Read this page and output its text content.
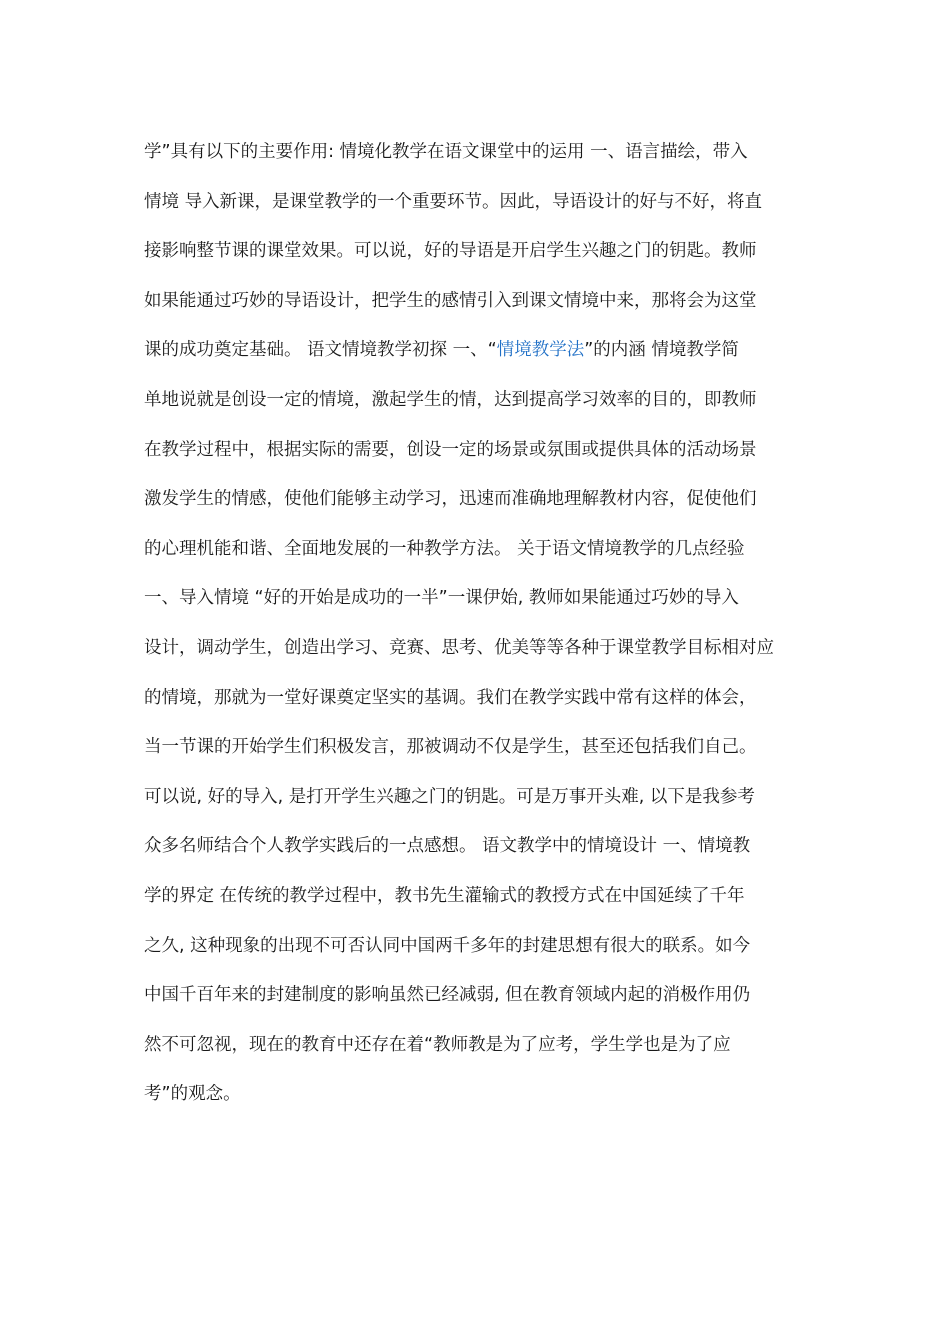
学”具有以下的主要作用: 情境化教学在语文课堂中的运用 一、语言描绘，带入
情境 导入新课，是课堂教学的一个重要环节。因此，导语设计的好与不好，将直
接影响整节课的课堂效果。可以说，好的导语是开启学生兴趣之门的钥匙。教师
如果能通过巧妙的导语设计，把学生的感情引入到课文情境中来，那将会为这堂
课的成功奠定基础。 语文情境教学初探 一、“情境教学法”的内涵 情境教学简
单地说就是创设一定的情境，激起学生的情，达到提高学习效率的目的，即教师
在教学过程中，根据实际的需要，创设一定的场景或氛围或提供具体的活动场景
激发学生的情感，使他们能够主动学习，迅速而准确地理解教材内容，促使他们
的心理机能和谐、全面地发展的一种教学方法。 关于语文情境教学的几点经验
一、导入情境 “好的开始是成功的一半”一课伊始, 教师如果能通过巧妙的导入
设计，调动学生，创造出学习、竞赛、思考、优美等等各种于课堂教学目标相对应
的情境，那就为一堂好课奠定坚实的基调。我们在教学实践中常有这样的体会，
当一节课的开始学生们积极发言，那被调动不仅是学生，甚至还包括我们自己。
可以说, 好的导入, 是打开学生兴趣之门的钥匙。可是万事开头难, 以下是我参考
众多名师结合个人教学实践后的一点感想。 语文教学中的情境设计 一、情境教
学的界定 在传统的教学过程中，教书先生灌输式的教授方式在中国延续了千年
之久, 这种现象的出现不可否认同中国两千多年的封建思想有很大的联系。如今
中国千百年来的封建制度的影响虽然已经减弱, 但在教育领域内起的消极作用仍
然不可忽视，现在的教育中还存在着“教师教是为了应考，学生学也是为了应
考”的观念。
